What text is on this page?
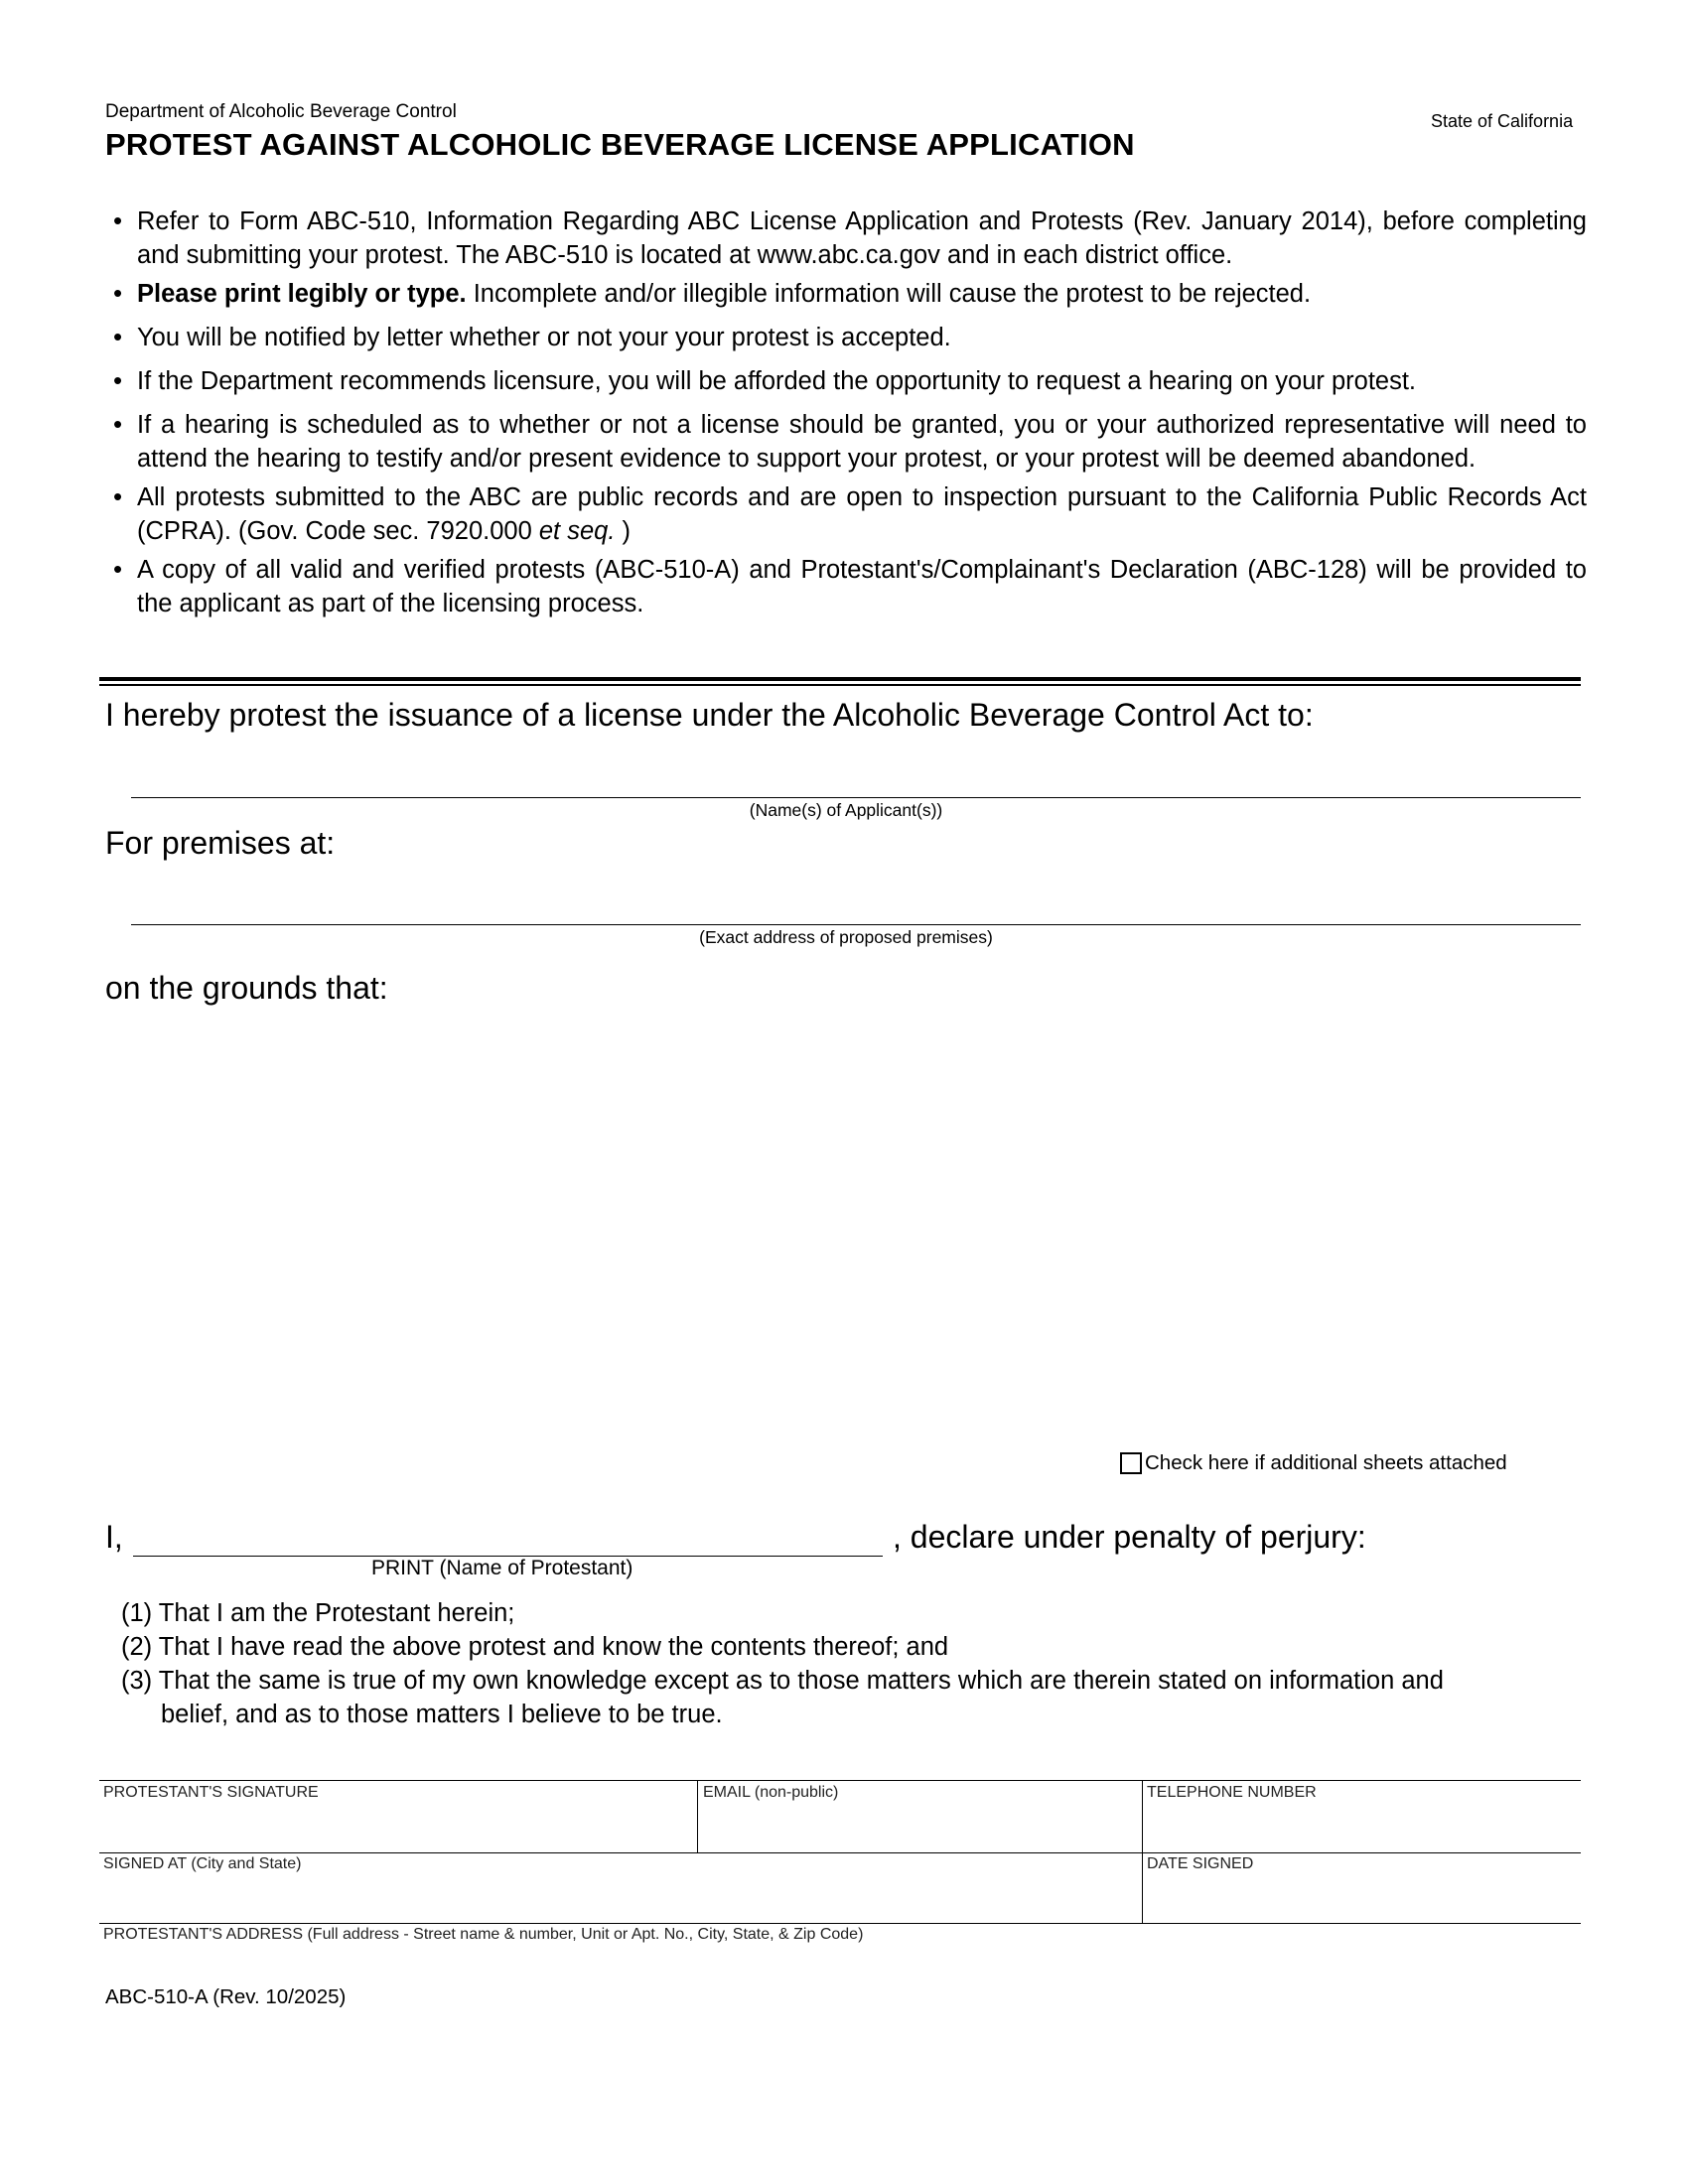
Department of Alcoholic Beverage Control
PROTEST AGAINST ALCOHOLIC BEVERAGE LICENSE APPLICATION
State of California
• Refer to Form ABC-510, Information Regarding ABC License Application and Protests (Rev. January 2014), before completing and submitting your protest. The ABC-510 is located at www.abc.ca.gov and in each district office.
• Please print legibly or type. Incomplete and/or illegible information will cause the protest to be rejected.
• You will be notified by letter whether or not your your protest is accepted.
• If the Department recommends licensure, you will be afforded the opportunity to request a hearing on your protest.
• If a hearing is scheduled as to whether or not a license should be granted, you or your authorized representative will need to attend the hearing to testify and/or present evidence to support your protest, or your protest will be deemed abandoned.
• All protests submitted to the ABC are public records and are open to inspection pursuant to the California Public Records Act (CPRA). (Gov. Code sec. 7920.000 et seq. )
• A copy of all valid and verified protests (ABC-510-A) and Protestant's/Complainant's Declaration (ABC-128) will be provided to the applicant as part of the licensing process.
I hereby protest the issuance of a license under the Alcoholic Beverage Control Act to:
(Name(s) of Applicant(s))
For premises at:
(Exact address of proposed premises)
on the grounds that:
Check here if additional sheets attached
I,
PRINT (Name of Protestant)
, declare under penalty of perjury:
(1) That I am the Protestant herein;
(2) That I have read the above protest and know the contents thereof; and
(3) That the same is true of my own knowledge except as to those matters which are therein stated on information and belief, and as to those matters I believe to be true.
PROTESTANT'S SIGNATURE	EMAIL (non-public)	TELEPHONE NUMBER
SIGNED AT (City and State)	DATE SIGNED
PROTESTANT'S ADDRESS (Full address - Street name & number, Unit or Apt. No., City, State, & Zip Code)
ABC-510-A (Rev. 10/2025)
